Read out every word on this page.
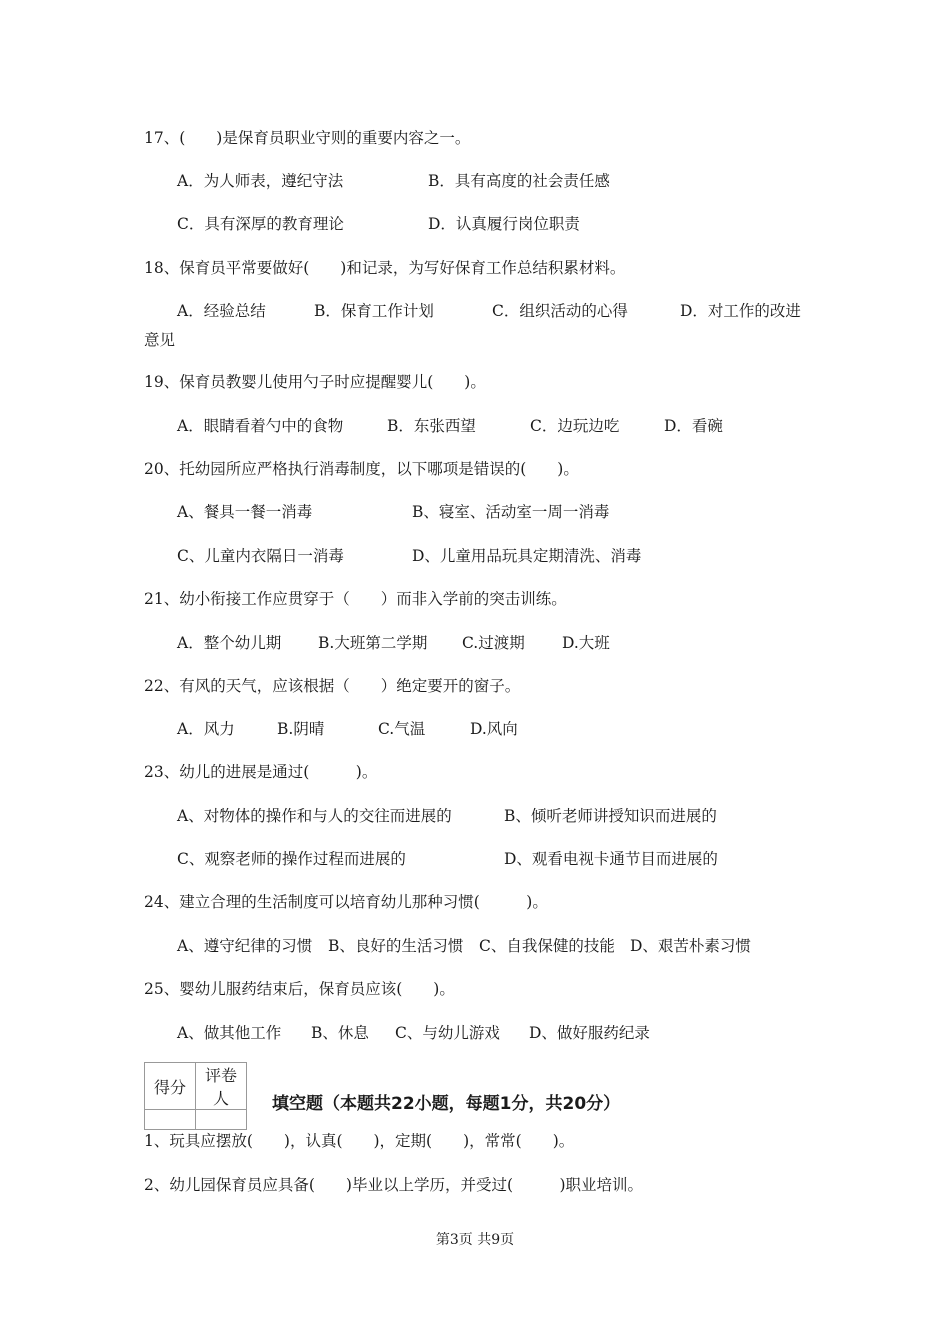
17、(　　)是保育员职业守则的重要内容之一。
A．为人师表，遵纪守法	B．具有高度的社会责任感
C．具有深厚的教育理论	D．认真履行岗位职责
18、保育员平常要做好(　　)和记录，为写好保育工作总结积累材料。
A．经验总结	B．保育工作计划	C．组织活动的心得	D．对工作的改进
意见
19、保育员教婴儿使用勺子时应提醒婴儿(　　)。
A．眼睛看着勺中的食物	B．东张西望	C．边玩边吃	D．看碗
20、托幼园所应严格执行消毒制度，以下哪项是错误的(　　)。
A、餐具一餐一消毒	B、寝室、活动室一周一消毒
C、儿童内衣隔日一消毒	D、儿童用品玩具定期清洗、消毒
21、幼小衔接工作应贯穿于（　　）而非入学前的突击训练。
A．整个幼儿期 B.大班第二学期 C.过渡期 D.大班
22、有风的天气，应该根据（　　）绝定要开的窗子。
A．风力	B.阴晴	C.气温	D.风向
23、幼儿的进展是通过(　　　)。
A、对物体的操作和与人的交往而进展的	B、倾听老师讲授知识而进展的
C、观察老师的操作过程而进展的	D、观看电视卡通节目而进展的
24、建立合理的生活制度可以培育幼儿那种习惯(　　　)。
A、遵守纪律的习惯 B、良好的生活习惯 C、自我保健的技能 D、艰苦朴素习惯
25、婴幼儿服药结束后，保育员应该(　　)。
A、做其他工作 B、休息 C、与幼儿游戏 D、做好服药纪录
得分	评卷人
		填空题（本题共22小题，每题1分，共20分）
1、玩具应摆放(　　)，认真(　　)，定期(　　)，常常(　　)。
2、幼儿园保育员应具备(　　)毕业以上学历，并受过(　　　)职业培训。
第3页 共9页
